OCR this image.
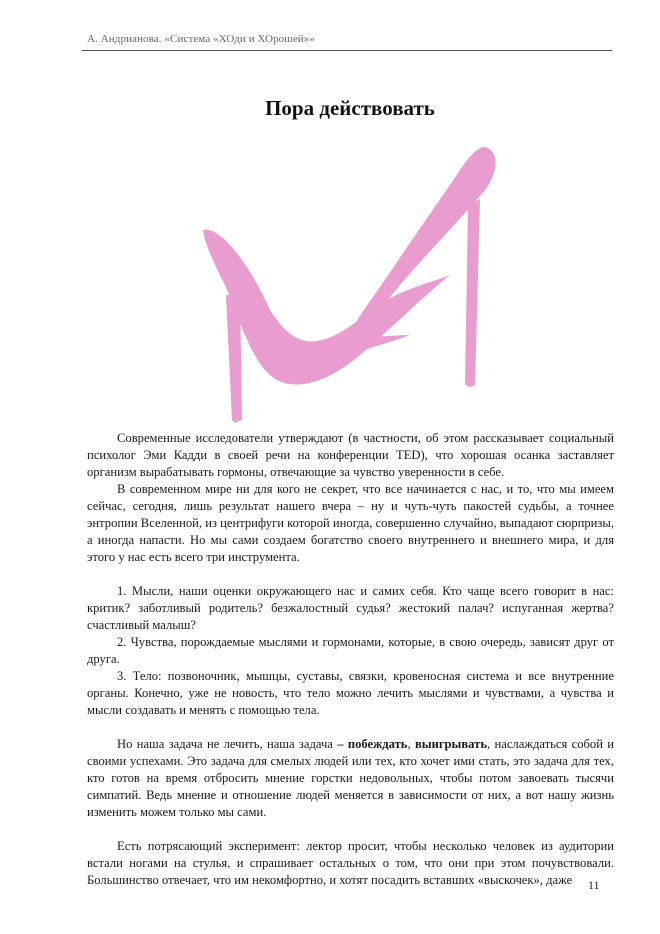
А. Андрианова. «Система «ХОди и ХОрошей»»
Пора действовать

Современные исследователи утверждают (в частности, об этом рассказывает социальный психолог Эми Кадди в своей речи на конференции TED), что хорошая осанка заставляет организм вырабатывать гормоны, отвечающие за чувство уверенности в себе.

В современном мире ни для кого не секрет, что все начинается с нас, и то, что мы имеем сейчас, сегодня, лишь результат нашего вчера – ну и чуть-чуть пакостей судьбы, а точнее энтропии Вселенной, из центрифуги которой иногда, совершенно случайно, выпадают сюрпризы, а иногда напасти. Но мы сами создаем богатство своего внутреннего и внешнего мира, и для этого у нас есть всего три инструмента.

1. Мысли, наши оценки окружающего нас и самих себя. Кто чаще всего говорит в нас: критик? заботливый родитель? безжалостный судья? жестокий палач? испуганная жертва? счастливый малыш?

2. Чувства, порождаемые мыслями и гормонами, которые, в свою очередь, зависят друг от друга.

3. Тело: позвоночник, мышцы, суставы, связки, кровеносная система и все внутренние органы. Конечно, уже не новость, что тело можно лечить мыслями и чувствами, а чувства и мысли создавать и менять с помощью тела.

Но наша задача не лечить, наша задача – побеждать, выигрывать, наслаждаться собой и своими успехами. Это задача для смелых людей или тех, кто хочет ими стать, это задача для тех, кто готов на время отбросить мнение горстки недовольных, чтобы потом завоевать тысячи симпатий. Ведь мнение и отношение людей меняется в зависимости от них, а вот нашу жизнь изменить можем только мы сами.

Есть потрясающий эксперимент: лектор просит, чтобы несколько человек из аудитории встали ногами на стулья, и спрашивает остальных о том, что они при этом почувствовали. Большинство отвечает, что им некомфортно, и хотят посадить вставших «выскочек», даже	11
